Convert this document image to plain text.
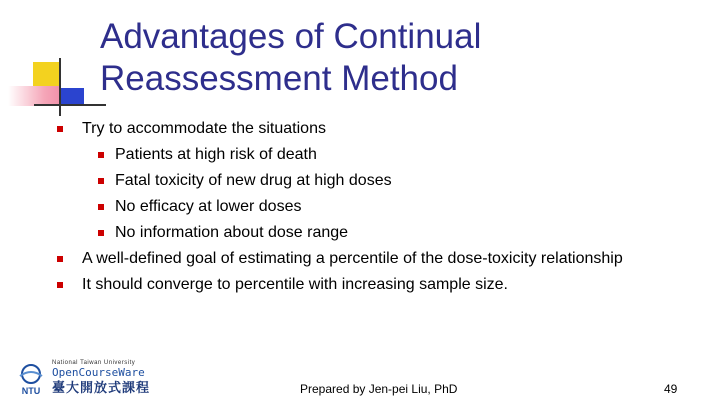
Advantages of Continual
Reassessment Method
Try to accommodate the situations
Patients at high risk of death
Fatal toxicity of new drug at high doses
No efficacy at lower doses
No information about dose range
A well-defined goal of estimating a percentile of the dose-toxicity relationship
It should converge to percentile with increasing sample size.
NTU
National Taiwan University
OpenCourseWare
臺大開放式課程	Prepared by Jen-pei Liu, PhD	49
